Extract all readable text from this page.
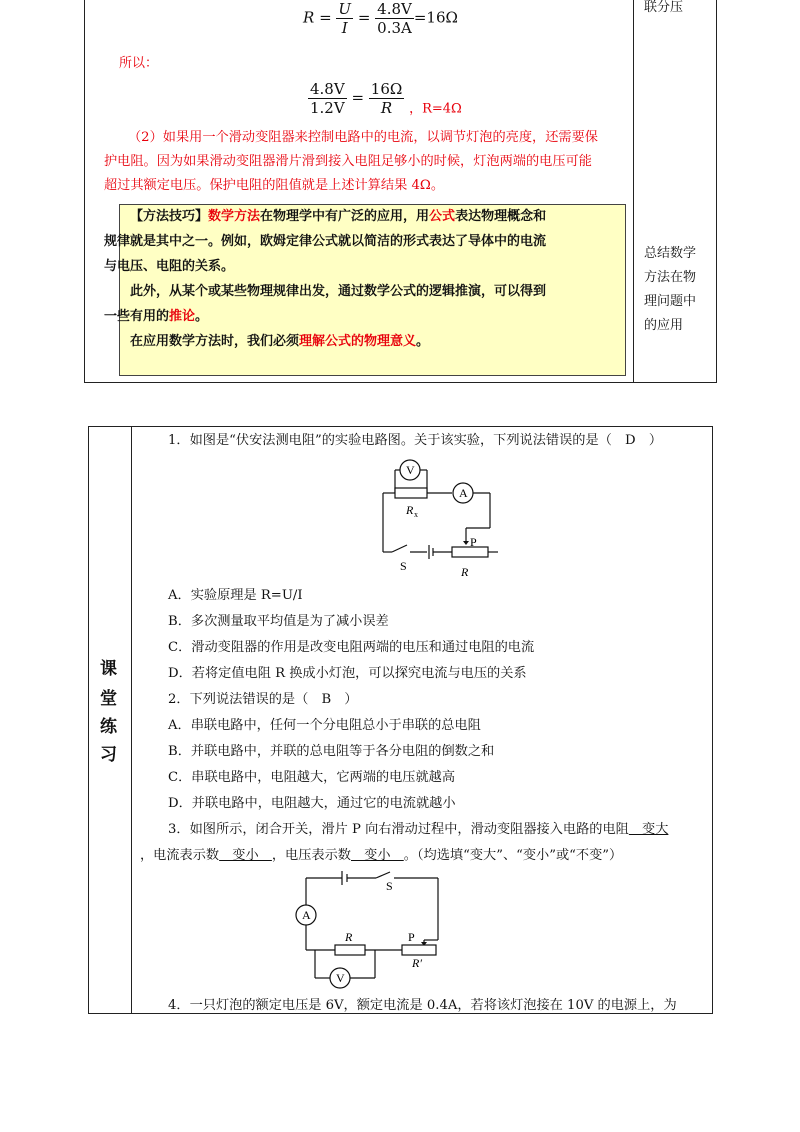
$R = \frac{U}{I} = \frac{4.8V}{0.3A} =16\Omega$
所以：
$\frac{4.8V}{1.2V} = \frac{16\Omega}{R}$ ，R=4Ω
（2）如果用一个滑动变阻器来控制电路中的电流，以调节灯泡的亮度，还需要保
护电阻。因为如果滑动变阻器滑片滑到接入电阻足够小的时候，灯泡两端的电压可能
超过其额定电压。保护电阻的阻值就是上述计算结果 4Ω。
【方法技巧】数学方法在物理学中有广泛的应用，用公式表达物理概念和
规律就是其中之一。例如，欧姆定律公式就以简洁的形式表达了导体中的电流
与电压、电阻的关系。
此外，从某个或某些物理规律出发，通过数学公式的逻辑推演，可以得到
一些有用的推论。
在应用数学方法时，我们必须理解公式的物理意义。
联分压
总结数学
方法在物
理问题中
的应用
课
堂
练
习
1．如图是“伏安法测电阻”的实验电路图。关于该实验，下列说法错误的是（　D　）
V
A
R x
P
S	R
A．实验原理是 R=U/I
B．多次测量取平均值是为了减小误差
C．滑动变阻器的作用是改变电阻两端的电压和通过电阻的电流
D．若将定值电阻 R 换成小灯泡，可以探究电流与电压的关系
2．下列说法错误的是（　B　）
A．串联电路中，任何一个分电阻总小于串联的总电阻
B．并联电路中，并联的总电阻等于各分电阻的倒数之和
C．串联电路中，电阻越大，它两端的电压就越高
D．并联电路中，电阻越大，通过它的电流就越小
3．如图所示，闭合开关，滑片 P 向右滑动过程中，滑动变阻器接入电路的电阻　变大
，电流表示数　变小　，电压表示数　变小　。（均选填“变大”、“变小”或“不变”）
A
V
R	P
S
R′
4．一只灯泡的额定电压是 6V，额定电流是 0.4A，若将该灯泡接在 10V 的电源上，为
